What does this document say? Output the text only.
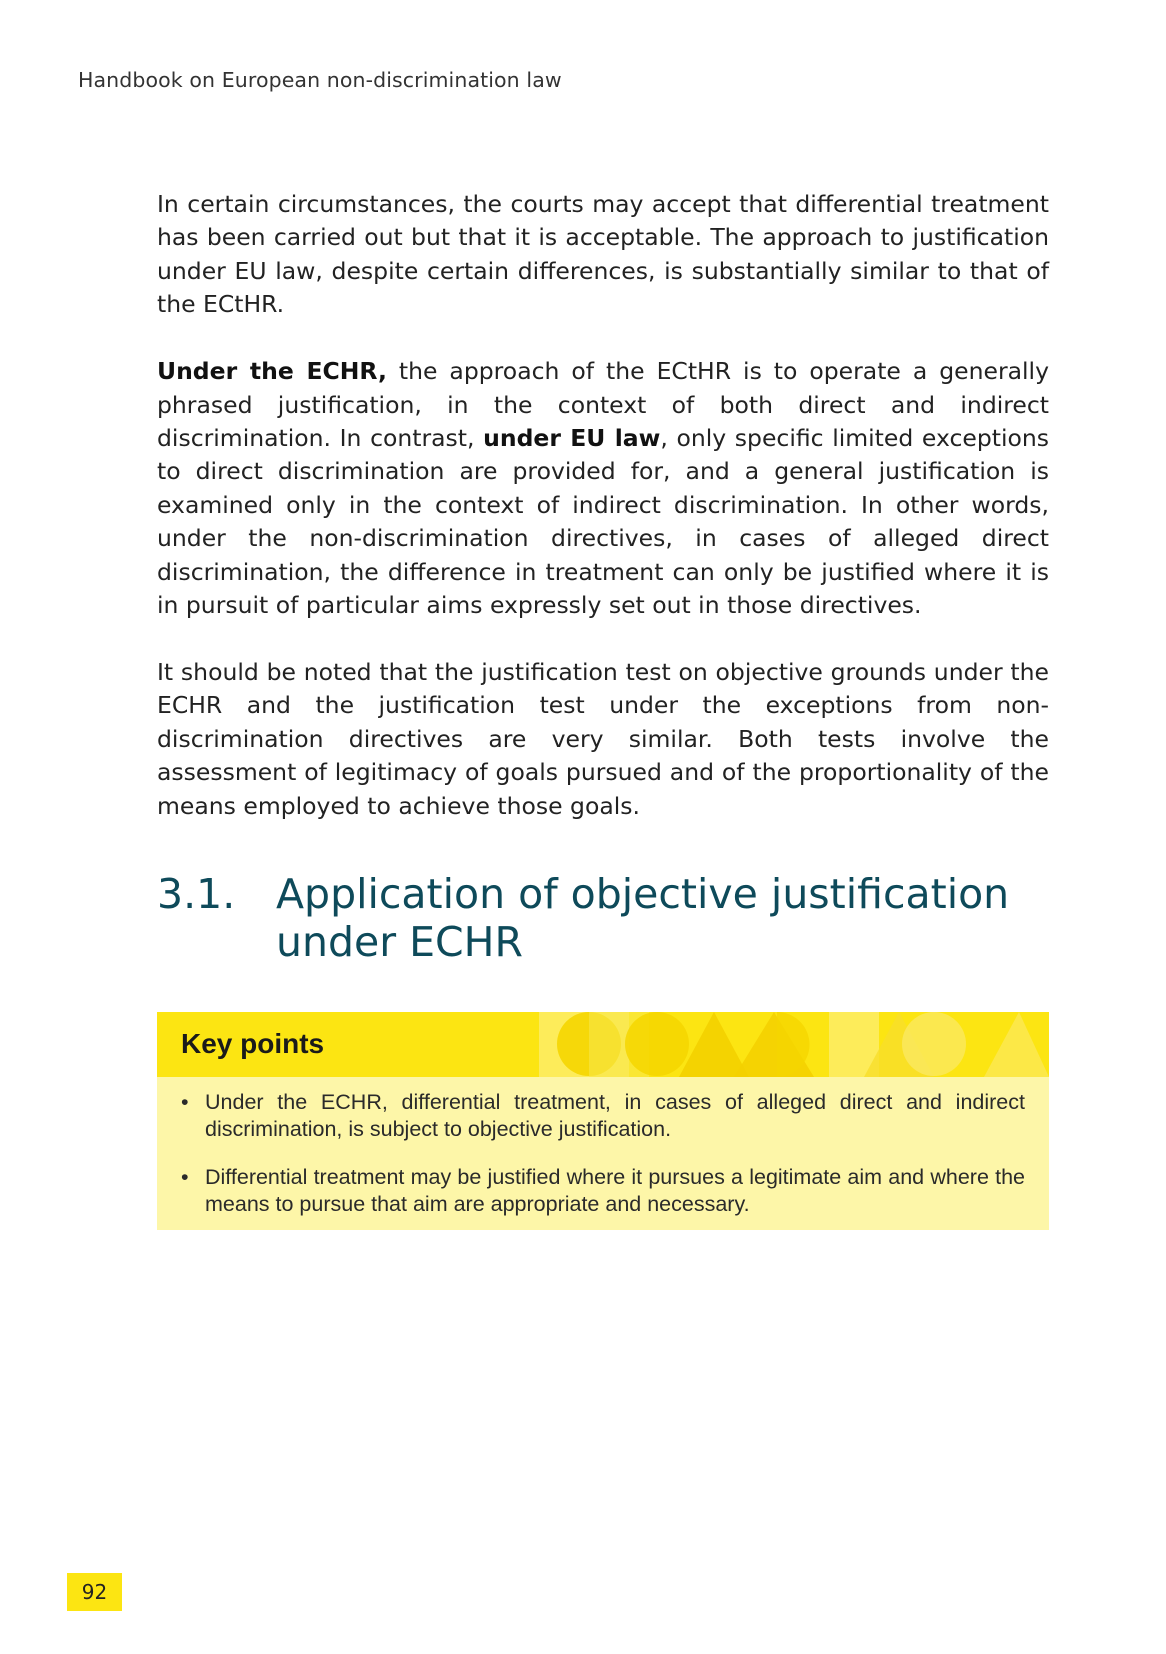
Handbook on European non-discrimination law

In certain circumstances, the courts may accept that differential treatment has been carried out but that it is acceptable. The approach to justification under EU law, despite certain differences, is substantially similar to that of the ECtHR.

Under the ECHR, the approach of the ECtHR is to operate a generally phrased justification, in the context of both direct and indirect discrimination. In contrast, under EU law, only specific limited exceptions to direct discrimination are provided for, and a general justification is examined only in the context of indirect discrimination. In other words, under the non-discrimination directives, in cases of alleged direct discrimination, the difference in treatment can only be justified where it is in pursuit of particular aims expressly set out in those directives.

It should be noted that the justification test on objective grounds under the ECHR and the justification test under the exceptions from non-discrimination directives are very similar. Both tests involve the assessment of legitimacy of goals pursued and of the proportionality of the means employed to achieve those goals.

3.1. Application of objective justification under ECHR
Key points
• Under the ECHR, differential treatment, in cases of alleged direct and indirect discrimination, is subject to objective justification.
• Differential treatment may be justified where it pursues a legitimate aim and where the means to pursue that aim are appropriate and necessary.
92
